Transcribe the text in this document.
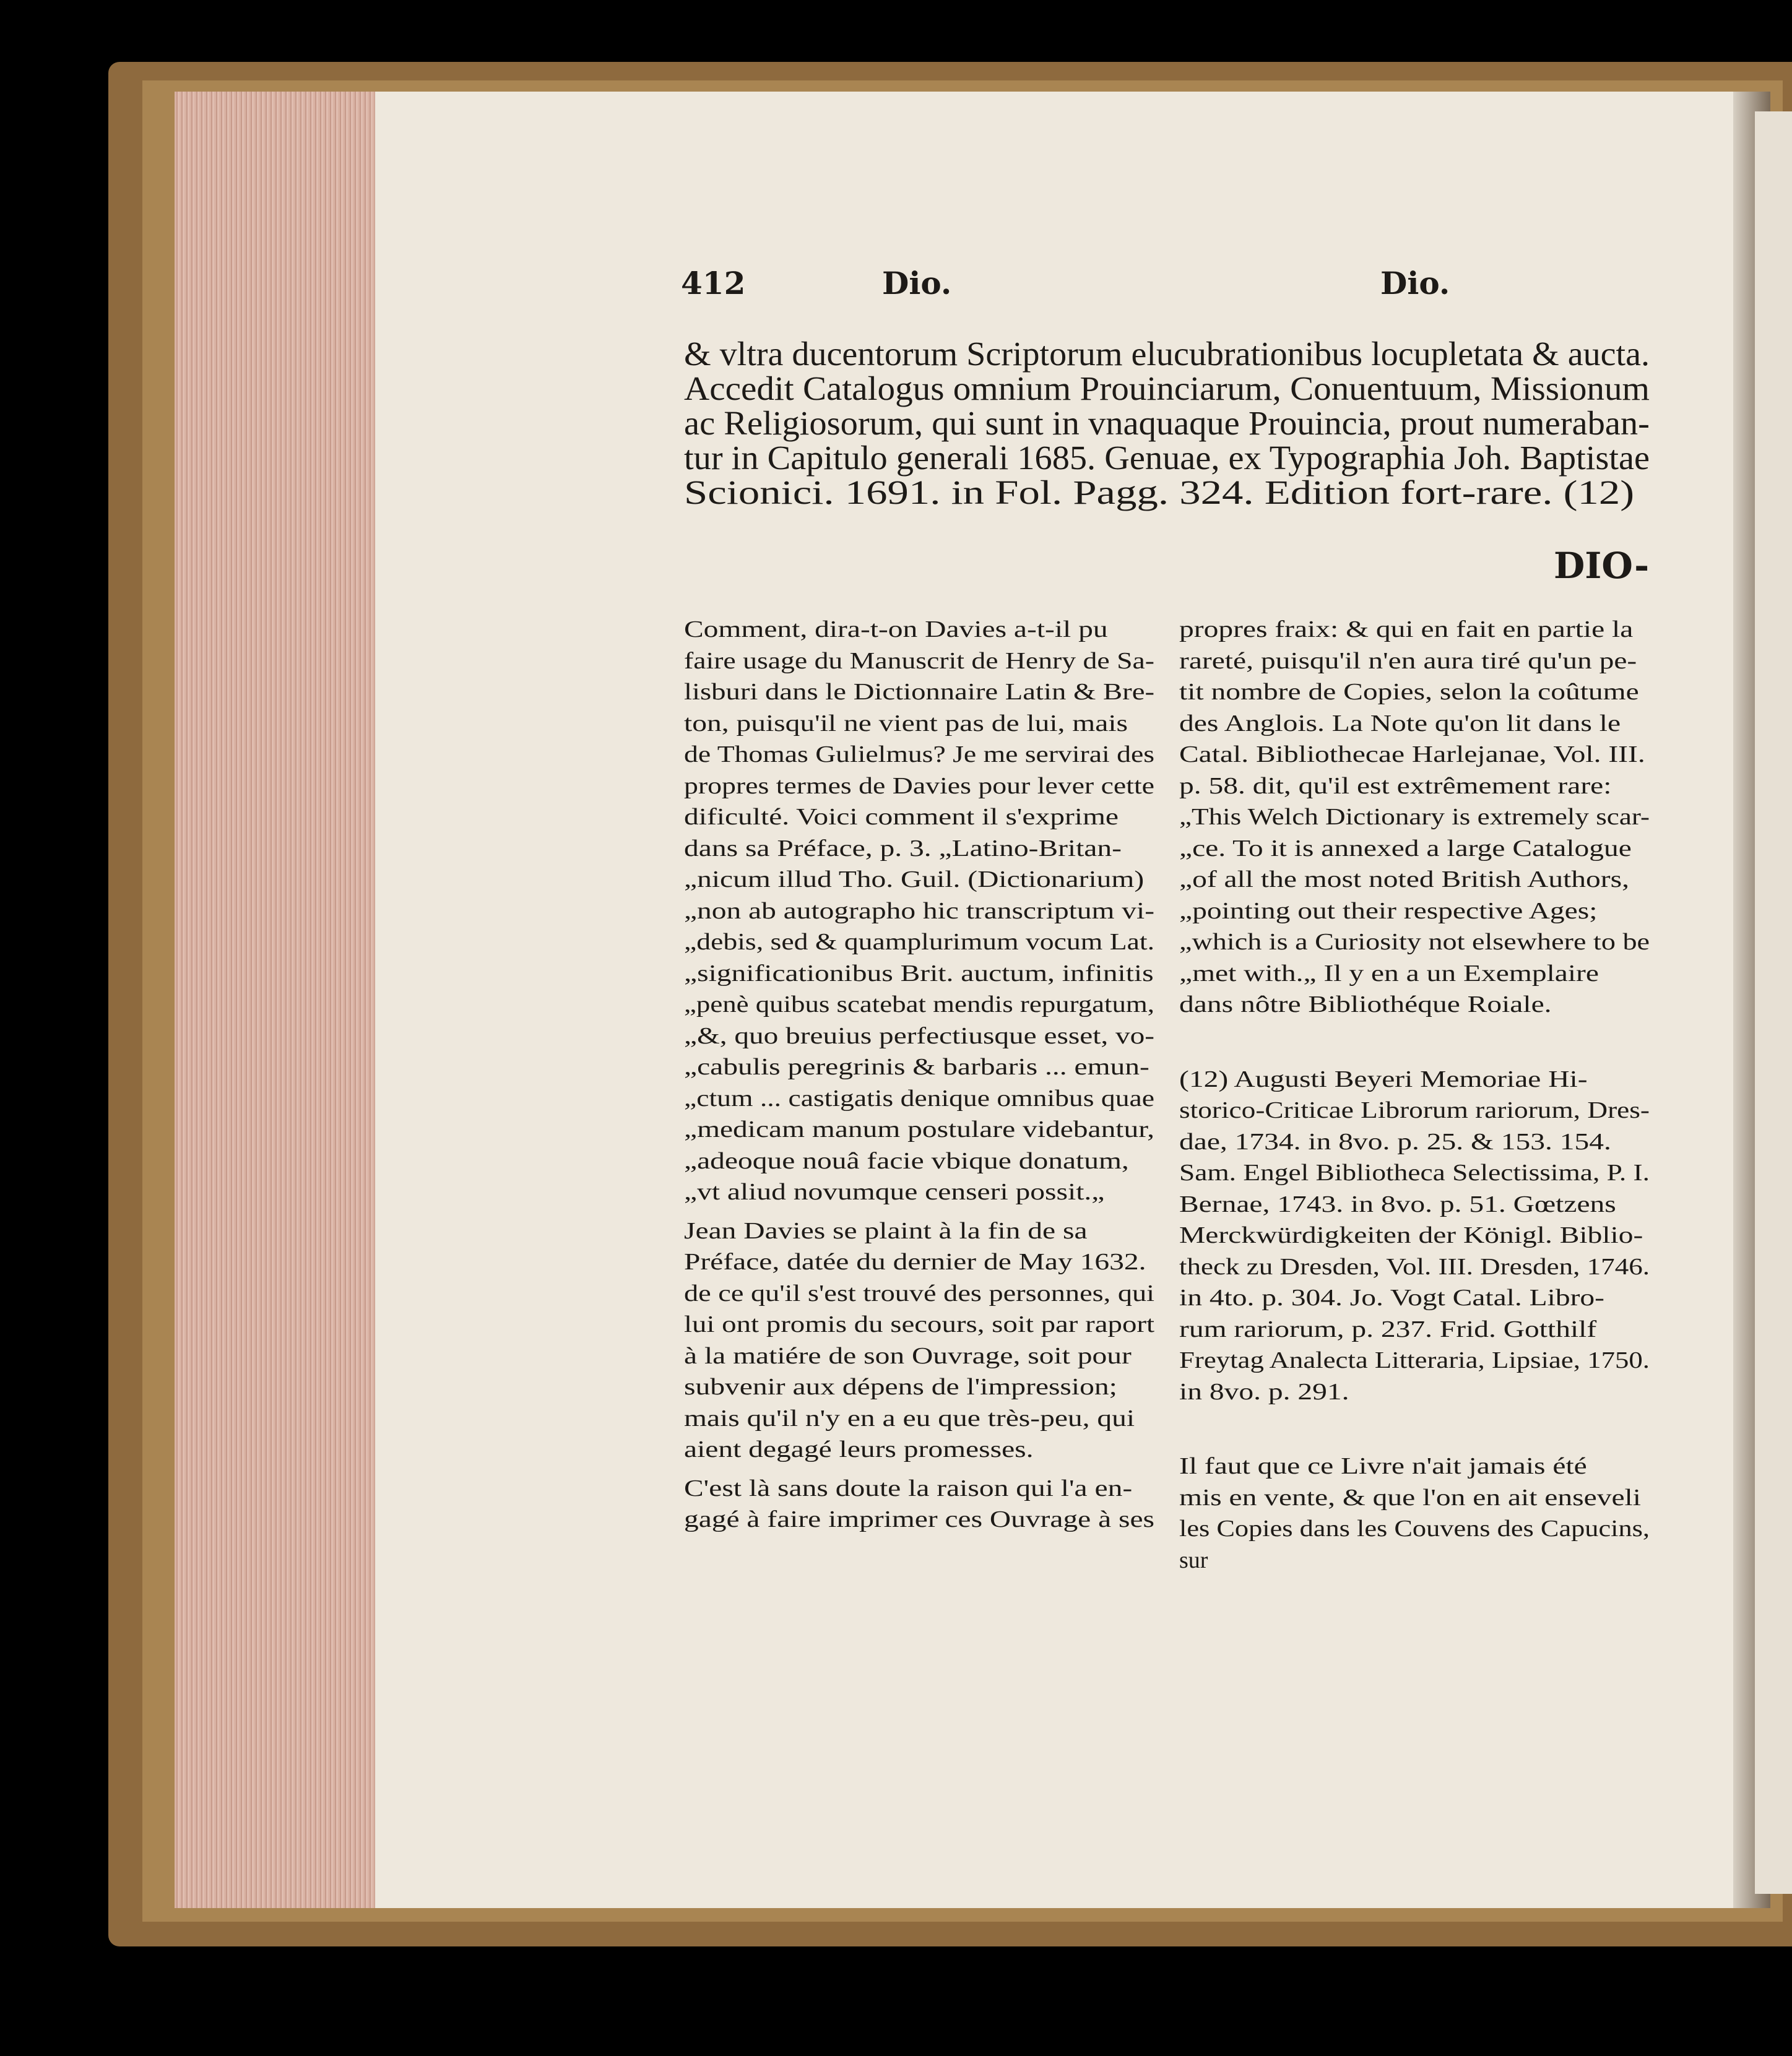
412	Dio.	Dio.
& vltra ducentorum Scriptorum elucubrationibus locupletata & aucta.
Accedit Catalogus omnium Prouinciarum, Conuentuum, Missionum
ac Religiosorum, qui sunt in vnaquaque Prouincia, prout numeraban-
tur in Capitulo generali 1685. Genuae, ex Typographia Joh. Baptistae
Scionici. 1691. in Fol. Pagg. 324. Edition fort-rare. (12)
DIO-
Comment, dira-t-on Davies a-t-il pu
faire usage du Manuscrit de Henry de Sa-
lisburi dans le Dictionnaire Latin & Bre-
ton, puisqu'il ne vient pas de lui, mais
de Thomas Gulielmus? Je me servirai des
propres termes de Davies pour lever cette
dificulté. Voici comment il s'exprime
dans sa Préface, p. 3. „Latino-Britan-
„nicum illud Tho. Guil. (Dictionarium)
„non ab autographo hic transcriptum vi-
„debis, sed & quamplurimum vocum Lat.
„significationibus Brit. auctum, infinitis
„penè quibus scatebat mendis repurgatum,
„&, quo breuius perfectiusque esset, vo-
„cabulis peregrinis & barbaris ... emun-
„ctum ... castigatis denique omnibus quae
„medicam manum postulare videbantur,
„adeoque nouâ facie vbique donatum,
„vt aliud novumque censeri possit.„
Jean Davies se plaint à la fin de sa
Préface, datée du dernier de May 1632.
de ce qu'il s'est trouvé des personnes, qui
lui ont promis du secours, soit par raport
à la matiére de son Ouvrage, soit pour
subvenir aux dépens de l'impression;
mais qu'il n'y en a eu que très-peu, qui
aient degagé leurs promesses.
C'est là sans doute la raison qui l'a en-
gagé à faire imprimer ces Ouvrage à ses
propres fraix: & qui en fait en partie la
rareté, puisqu'il n'en aura tiré qu'un pe-
tit nombre de Copies, selon la coûtume
des Anglois. La Note qu'on lit dans le
Catal. Bibliothecae Harlejanae, Vol. III.
p. 58. dit, qu'il est extrêmement rare:
„This Welch Dictionary is extremely scar-
„ce. To it is annexed a large Catalogue
„of all the most noted British Authors,
„pointing out their respective Ages;
„which is a Curiosity not elsewhere to be
„met with.„ Il y en a un Exemplaire
dans nôtre Bibliothéque Roiale.
(12) Augusti Beyeri Memoriae Hi-
storico-Criticae Librorum rariorum, Dres-
dae, 1734. in 8vo. p. 25. & 153. 154.
Sam. Engel Bibliotheca Selectissima, P. I.
Bernae, 1743. in 8vo. p. 51. Gœtzens
Merckwürdigkeiten der Königl. Biblio-
theck zu Dresden, Vol. III. Dresden, 1746.
in 4to. p. 304. Jo. Vogt Catal. Libro-
rum rariorum, p. 237. Frid. Gotthilf
Freytag Analecta Litteraria, Lipsiae, 1750.
in 8vo. p. 291.
Il faut que ce Livre n'ait jamais été
mis en vente, & que l'on en ait enseveli
les Copies dans les Couvens des Capucins,
sur
